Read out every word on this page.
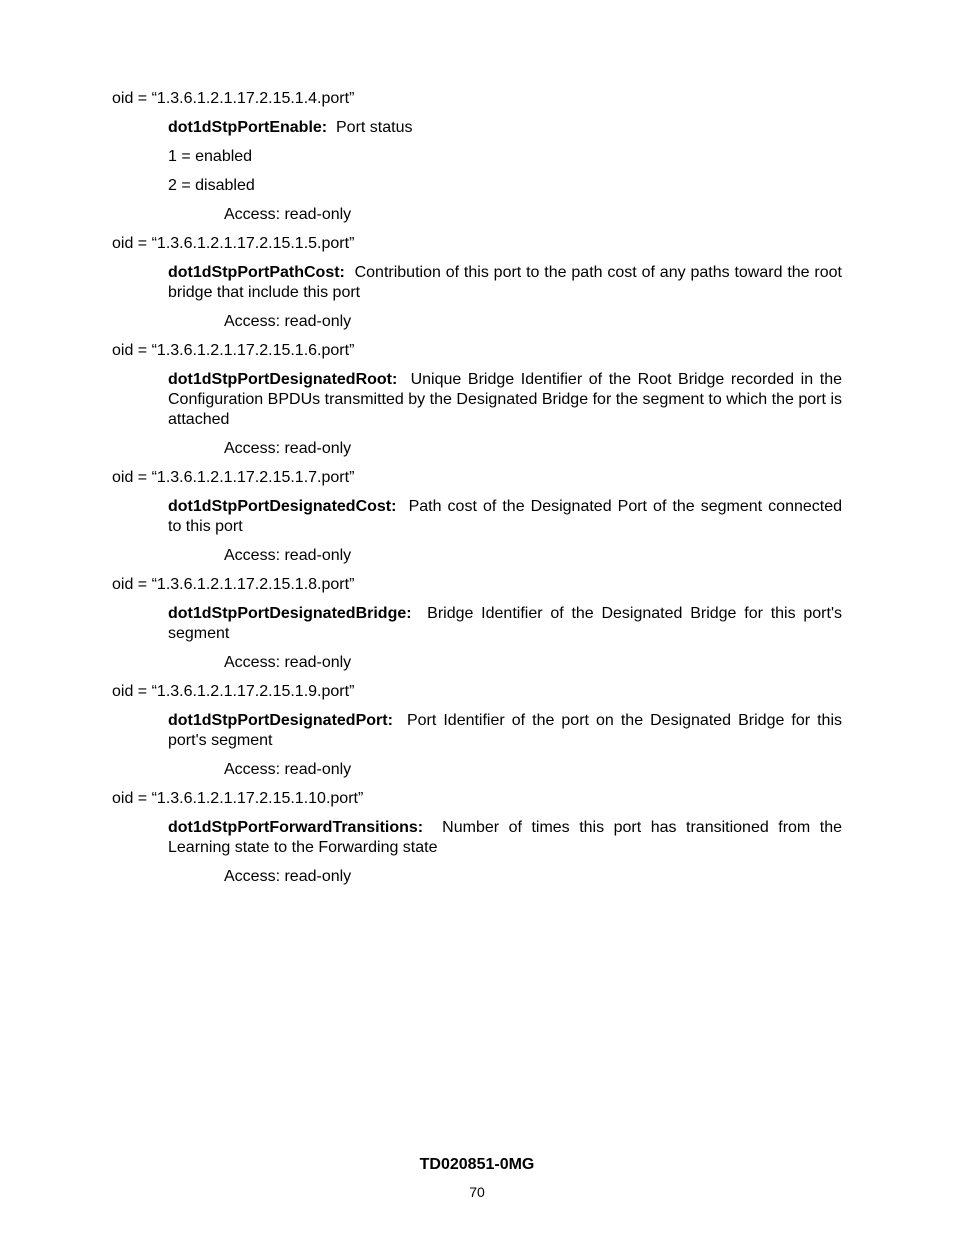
oid = “1.3.6.1.2.1.17.2.15.1.4.port”

dot1dStpPortEnable: Port status

1 = enabled

2 = disabled

Access: read-only

oid = “1.3.6.1.2.1.17.2.15.1.5.port”

dot1dStpPortPathCost: Contribution of this port to the path cost of any paths toward the root bridge that include this port

Access: read-only

oid = “1.3.6.1.2.1.17.2.15.1.6.port”

dot1dStpPortDesignatedRoot: Unique Bridge Identifier of the Root Bridge recorded in the Configuration BPDUs transmitted by the Designated Bridge for the segment to which the port is attached

Access: read-only

oid = “1.3.6.1.2.1.17.2.15.1.7.port”

dot1dStpPortDesignatedCost: Path cost of the Designated Port of the segment connected to this port

Access: read-only

oid = “1.3.6.1.2.1.17.2.15.1.8.port”

dot1dStpPortDesignatedBridge: Bridge Identifier of the Designated Bridge for this port's segment

Access: read-only

oid = “1.3.6.1.2.1.17.2.15.1.9.port”

dot1dStpPortDesignatedPort: Port Identifier of the port on the Designated Bridge for this port's segment

Access: read-only

oid = “1.3.6.1.2.1.17.2.15.1.10.port”

dot1dStpPortForwardTransitions: Number of times this port has transitioned from the Learning state to the Forwarding state

Access: read-only

TD020851-0MG
70
